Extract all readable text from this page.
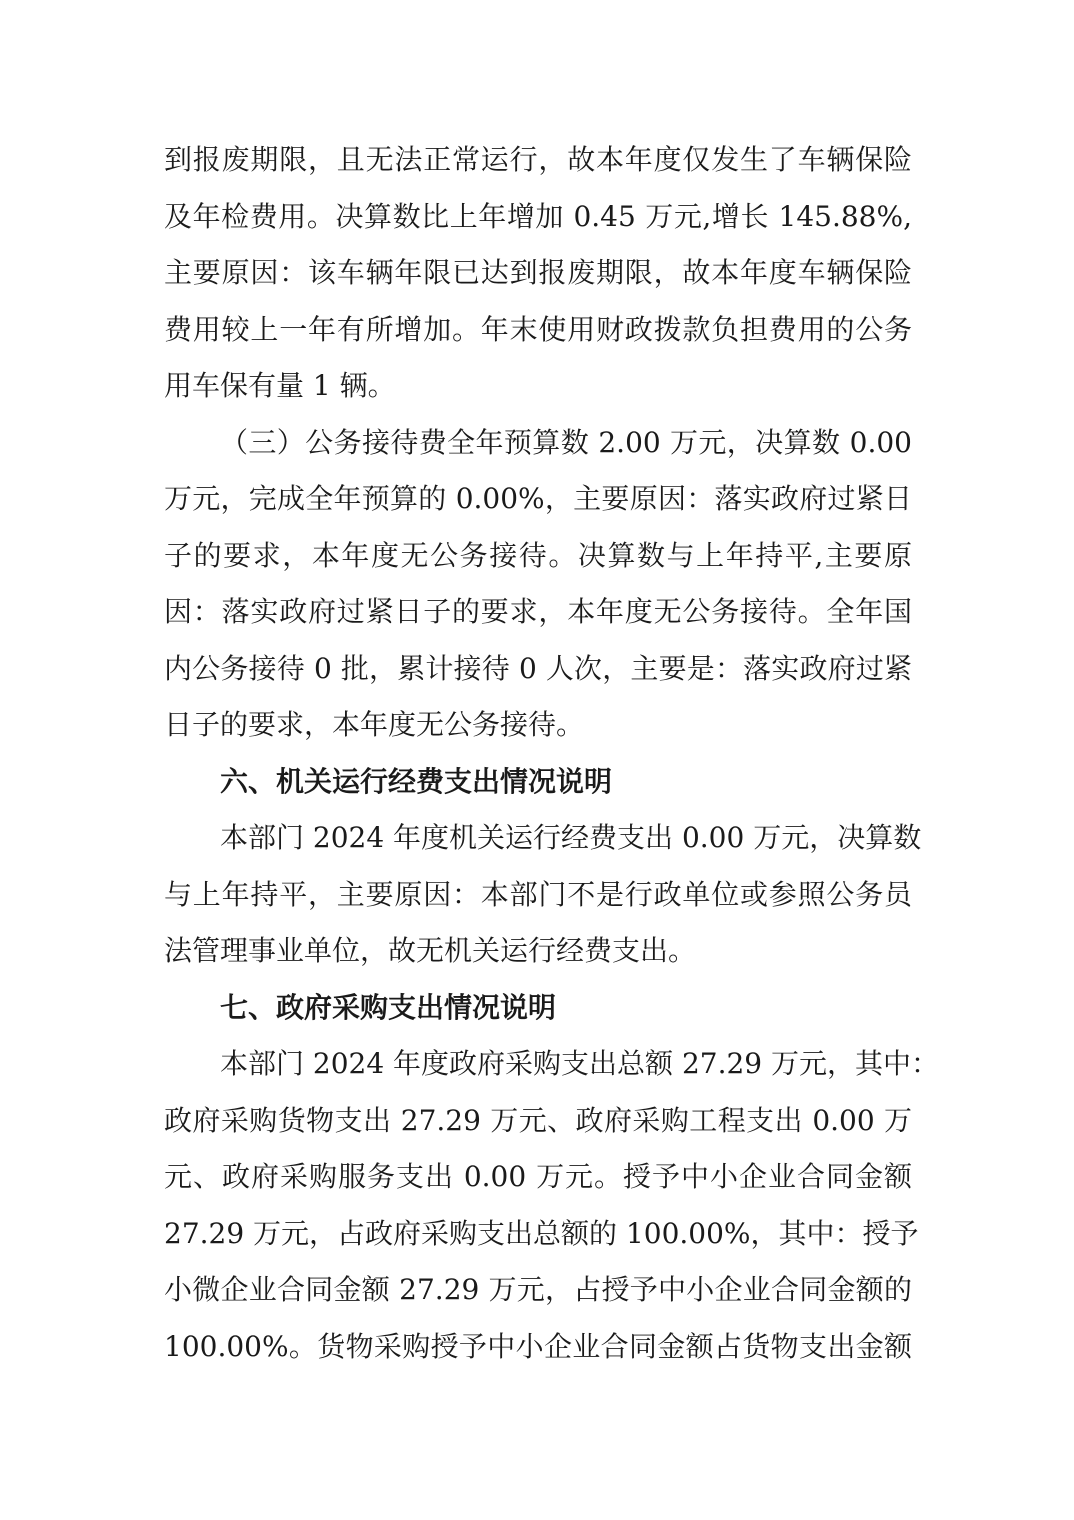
到报废期限，且无法正常运行，故本年度仅发生了车辆保险
及年检费用。决算数比上年增加 0.45 万元,增长 145.88%,
主要原因：该车辆年限已达到报废期限，故本年度车辆保险
费用较上一年有所增加。年末使用财政拨款负担费用的公务
用车保有量 1 辆。
（三）公务接待费全年预算数 2.00 万元，决算数 0.00
万元，完成全年预算的 0.00%，主要原因：落实政府过紧日
子的要求，本年度无公务接待。决算数与上年持平,主要原
因：落实政府过紧日子的要求，本年度无公务接待。全年国
内公务接待 0 批，累计接待 0 人次，主要是：落实政府过紧
日子的要求，本年度无公务接待。
六、机关运行经费支出情况说明
本部门 2024 年度机关运行经费支出 0.00 万元，决算数
与上年持平，主要原因：本部门不是行政单位或参照公务员
法管理事业单位，故无机关运行经费支出。
七、政府采购支出情况说明
本部门 2024 年度政府采购支出总额 27.29 万元，其中：
政府采购货物支出 27.29 万元、政府采购工程支出 0.00 万
元、政府采购服务支出 0.00 万元。授予中小企业合同金额
27.29 万元，占政府采购支出总额的 100.00%，其中：授予
小微企业合同金额 27.29 万元，占授予中小企业合同金额的
100.00%。货物采购授予中小企业合同金额占货物支出金额
